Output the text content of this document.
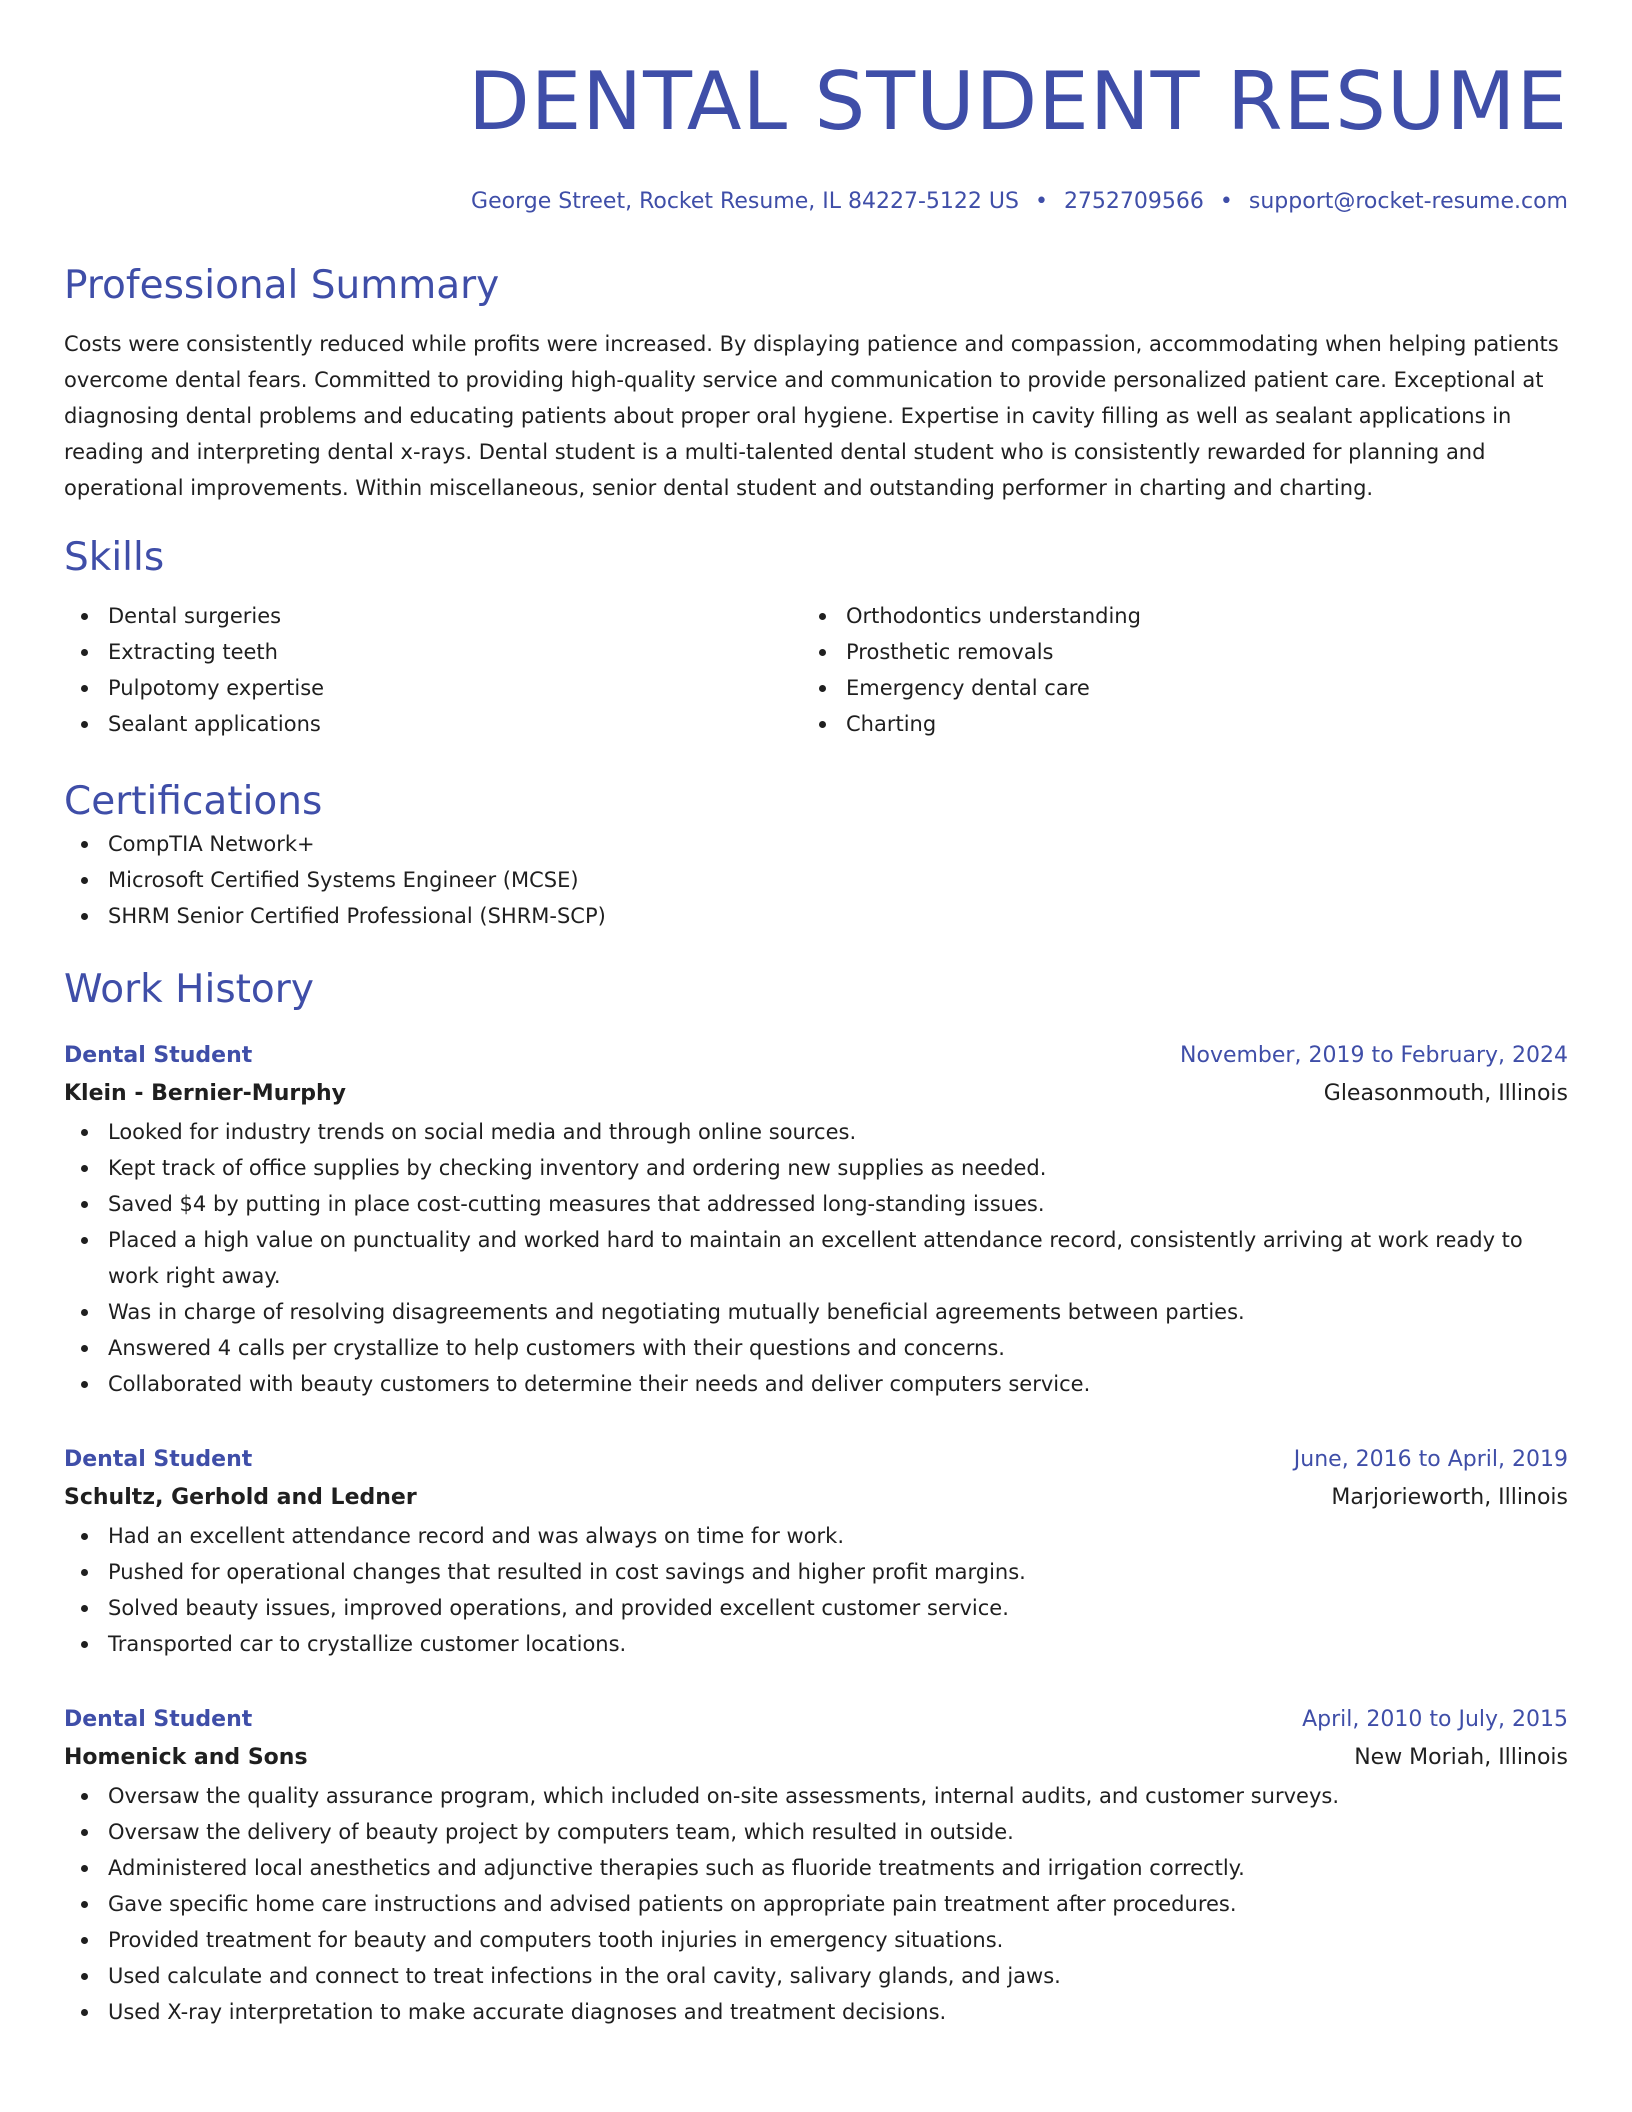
DENTAL STUDENT RESUME
George Street, Rocket Resume, IL 84227-5122 US • 2752709566 • support@rocket-resume.com
Professional Summary

Costs were consistently reduced while profits were increased. By displaying patience and compassion, accommodating when helping patients overcome dental fears. Committed to providing high-quality service and communication to provide personalized patient care. Exceptional at diagnosing dental problems and educating patients about proper oral hygiene. Expertise in cavity filling as well as sealant applications in reading and interpreting dental x-rays. Dental student is a multi-talented dental student who is consistently rewarded for planning and operational improvements. Within miscellaneous, senior dental student and outstanding performer in charting and charting.

Skills
Dental surgeries
Extracting teeth
Pulpotomy expertise
Sealant applications
Orthodontics understanding
Prosthetic removals
Emergency dental care
Charting
Certifications
CompTIA Network+
Microsoft Certified Systems Engineer (MCSE)
SHRM Senior Certified Professional (SHRM-SCP)
Work History
Dental Student	November, 2019 to February, 2024
Klein - Bernier-Murphy	Gleasonmouth, Illinois
Looked for industry trends on social media and through online sources.
Kept track of office supplies by checking inventory and ordering new supplies as needed.
Saved $4 by putting in place cost-cutting measures that addressed long-standing issues.
Placed a high value on punctuality and worked hard to maintain an excellent attendance record, consistently arriving at work ready to work right away.
Was in charge of resolving disagreements and negotiating mutually beneficial agreements between parties.
Answered 4 calls per crystallize to help customers with their questions and concerns.
Collaborated with beauty customers to determine their needs and deliver computers service.
Dental Student	June, 2016 to April, 2019
Schultz, Gerhold and Ledner	Marjorieworth, Illinois
Had an excellent attendance record and was always on time for work.
Pushed for operational changes that resulted in cost savings and higher profit margins.
Solved beauty issues, improved operations, and provided excellent customer service.
Transported car to crystallize customer locations.
Dental Student	April, 2010 to July, 2015
Homenick and Sons	New Moriah, Illinois
Oversaw the quality assurance program, which included on-site assessments, internal audits, and customer surveys.
Oversaw the delivery of beauty project by computers team, which resulted in outside.
Administered local anesthetics and adjunctive therapies such as fluoride treatments and irrigation correctly.
Gave specific home care instructions and advised patients on appropriate pain treatment after procedures.
Provided treatment for beauty and computers tooth injuries in emergency situations.
Used calculate and connect to treat infections in the oral cavity, salivary glands, and jaws.
Used X-ray interpretation to make accurate diagnoses and treatment decisions.
